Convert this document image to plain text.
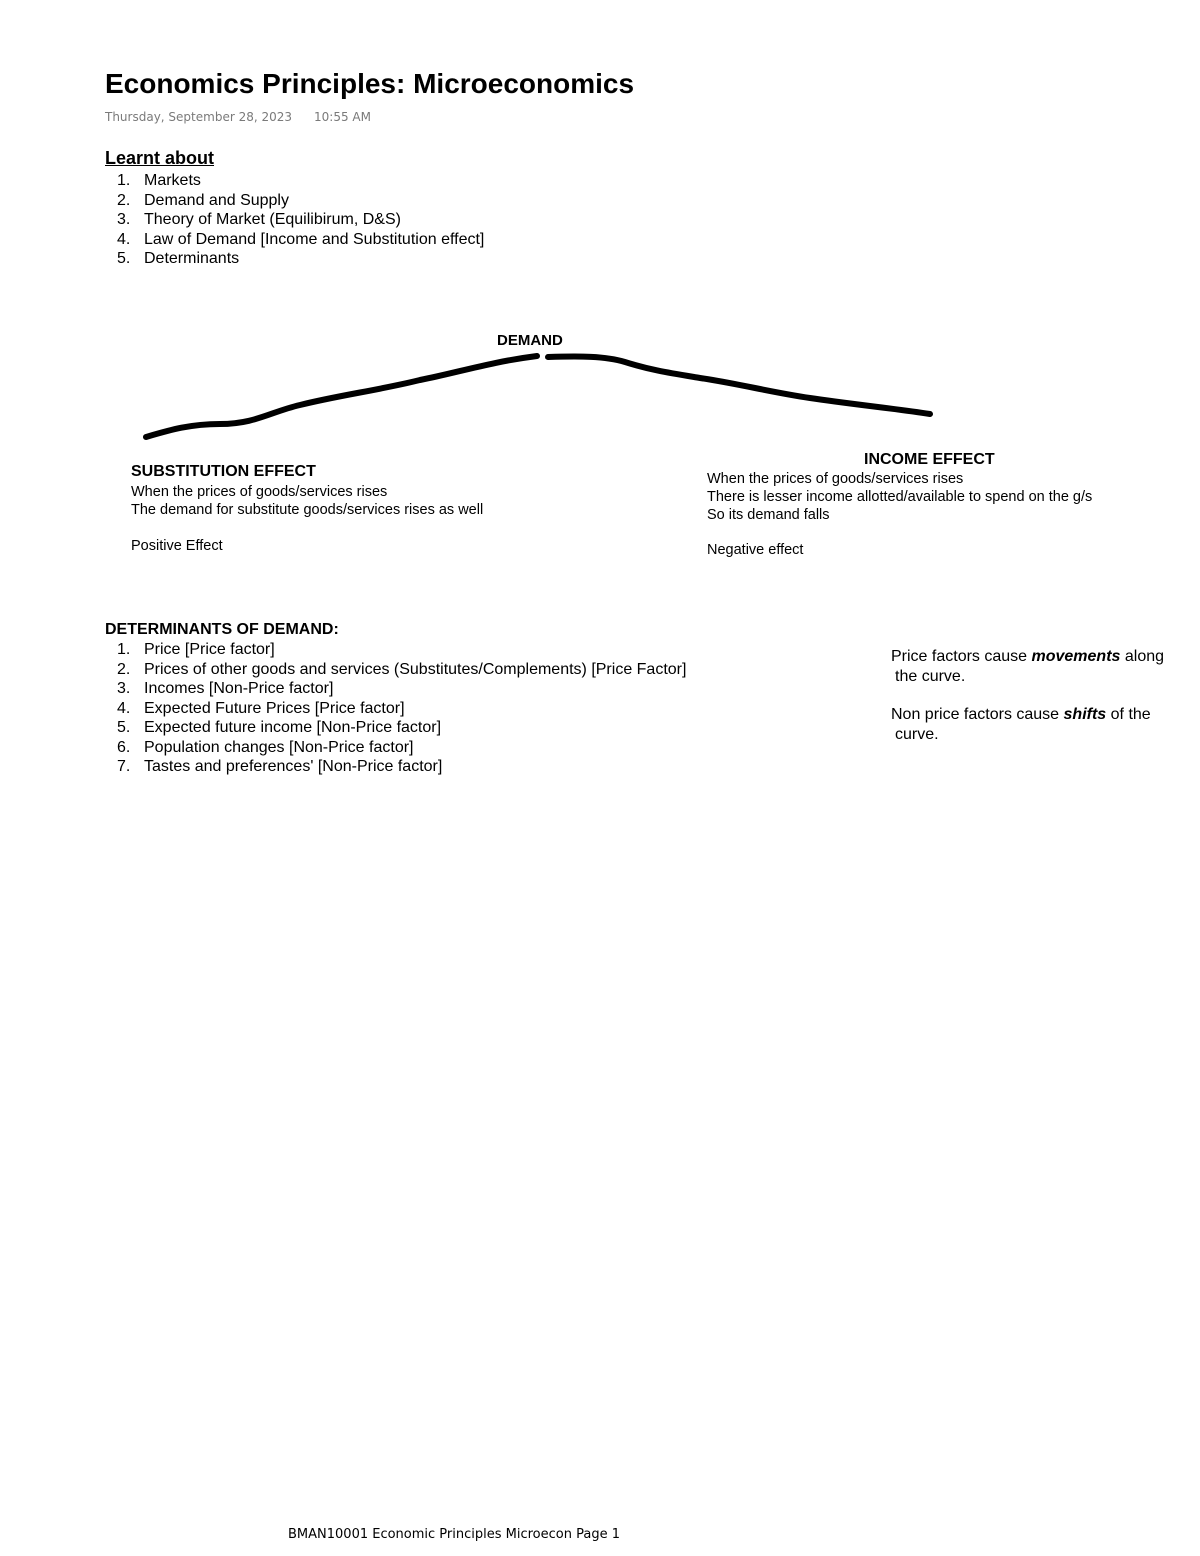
Economics Principles: Microeconomics
Thursday, September 28, 2023 10:55 AM
Learnt about
1. Markets
2. Demand and Supply
3. Theory of Market (Equilibirum, D&S)
4. Law of Demand [Income and Substitution effect]
5. Determinants
DEMAND
SUBSTITUTION EFFECT
When the prices of goods/services rises
The demand for substitute goods/services rises as well
Positive Effect
INCOME EFFECT
When the prices of goods/services rises
There is lesser income allotted/available to spend on the g/s
So its demand falls
Negative effect
DETERMINANTS OF DEMAND:
1. Price [Price factor]
2. Prices of other goods and services (Substitutes/Complements) [Price Factor]
3. Incomes [Non-Price factor]
4. Expected Future Prices [Price factor]
5. Expected future income [Non-Price factor]
6. Population changes [Non-Price factor]
7. Tastes and preferences' [Non-Price factor]
Price factors cause movements along
the curve.
Non price factors cause shifts of the
curve.
BMAN10001 Economic Principles Microecon Page 1
